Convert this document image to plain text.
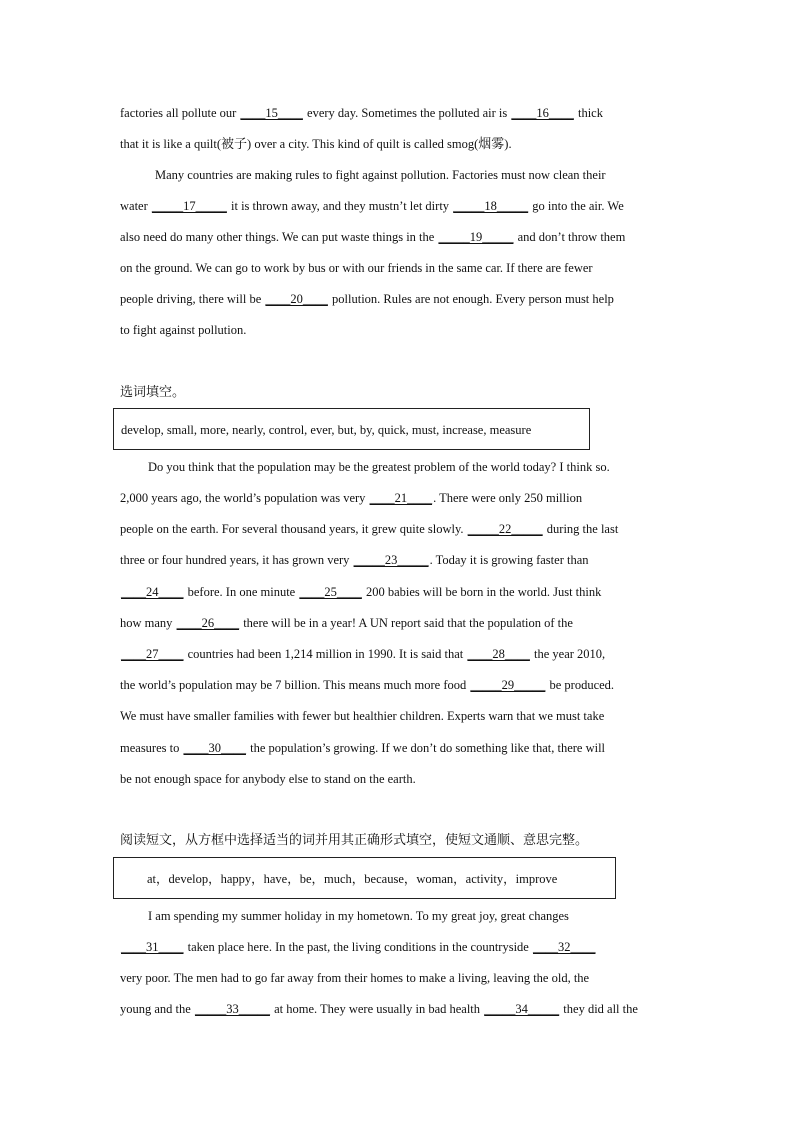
factories all pollute our ____15____ every day. Sometimes the polluted air is ____16____ thick
that it is like a quilt(被子) over a city. This kind of quilt is called smog(烟雾).
Many countries are making rules to fight against pollution. Factories must now clean their
water _____17_____ it is thrown away, and they mustn’t let dirty _____18_____ go into the air. We
also need do many other things. We can put waste things in the _____19_____ and don’t throw them
on the ground. We can go to work by bus or with our friends in the same car. If there are fewer
people driving, there will be ____20____ pollution. Rules are not enough. Every person must help
to fight against pollution.
选词填空。
develop, small, more, nearly, control, ever, but, by, quick, must, increase, measure
Do you think that the population may be the greatest problem of the world today? I think so.
2,000 years ago, the world’s population was very ____21____. There were only 250 million
people on the earth. For several thousand years, it grew quite slowly. _____22_____ during the last
three or four hundred years, it has grown very _____23_____. Today it is growing faster than
____24____ before. In one minute ____25____ 200 babies will be born in the world. Just think
how many ____26____ there will be in a year! A UN report said that the population of the
____27____ countries had been 1,214 million in 1990. It is said that ____28____ the year 2010,
the world’s population may be 7 billion. This means much more food _____29_____ be produced.
We must have smaller families with fewer but healthier children. Experts warn that we must take
measures to ____30____ the population’s growing. If we don’t do something like that, there will
be not enough space for anybody else to stand on the earth.
阅读短文，从方框中选择适当的词并用其正确形式填空，使短文通顺、意思完整。
at，develop，happy，have，be，much，because，woman，activity，improve
I am spending my summer holiday in my hometown. To my great joy, great changes
____31____ taken place here. In the past, the living conditions in the countryside ____32____
very poor. The men had to go far away from their homes to make a living, leaving the old, the
young and the _____33_____ at home. They were usually in bad health _____34_____ they did all the
